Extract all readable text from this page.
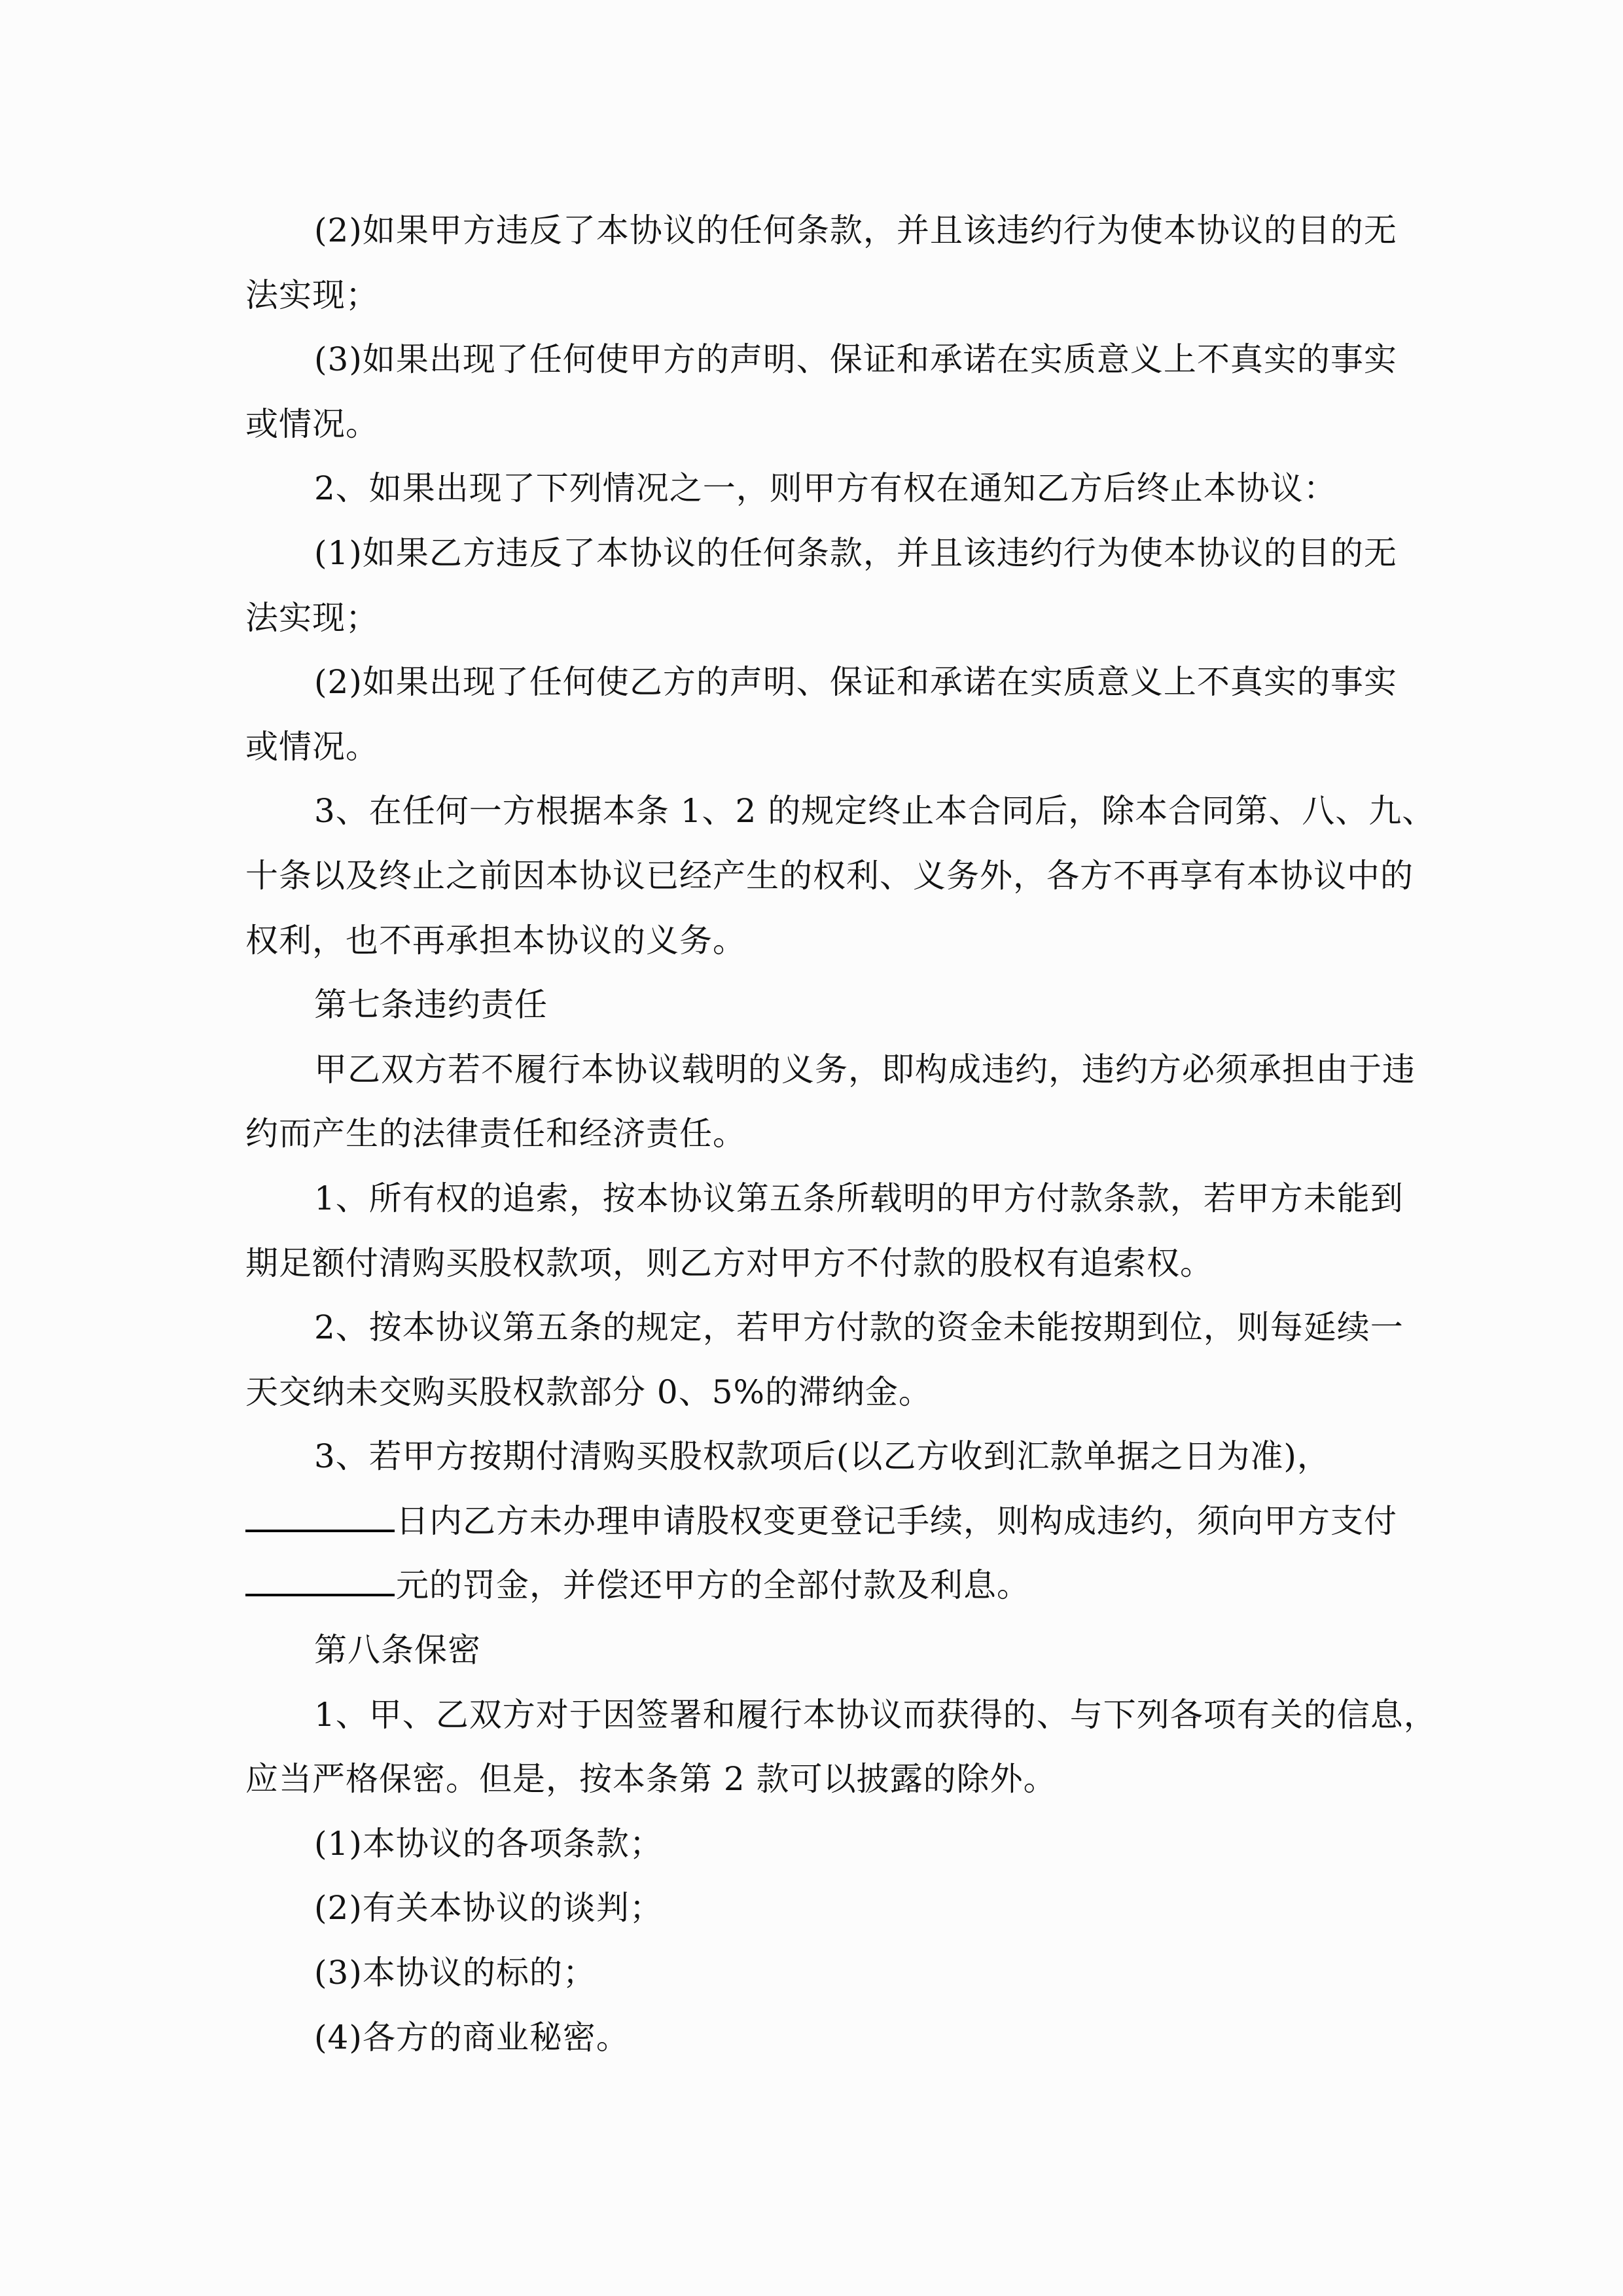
(2)如果甲方违反了本协议的任何条款，并且该违约行为使本协议的目的无
法实现；
(3)如果出现了任何使甲方的声明、保证和承诺在实质意义上不真实的事实
或情况。
2、如果出现了下列情况之一，则甲方有权在通知乙方后终止本协议：
(1)如果乙方违反了本协议的任何条款，并且该违约行为使本协议的目的无
法实现；
(2)如果出现了任何使乙方的声明、保证和承诺在实质意义上不真实的事实
或情况。
3、在任何一方根据本条 1、2 的规定终止本合同后，除本合同第、八、九、
十条以及终止之前因本协议已经产生的权利、义务外，各方不再享有本协议中的
权利，也不再承担本协议的义务。
第七条违约责任
甲乙双方若不履行本协议载明的义务，即构成违约，违约方必须承担由于违
约而产生的法律责任和经济责任。
1、所有权的追索，按本协议第五条所载明的甲方付款条款，若甲方未能到
期足额付清购买股权款项，则乙方对甲方不付款的股权有追索权。
2、按本协议第五条的规定，若甲方付款的资金未能按期到位，则每延续一
天交纳未交购买股权款部分 0、5%的滞纳金。
3、若甲方按期付清购买股权款项后(以乙方收到汇款单据之日为准)，
日内乙方未办理申请股权变更登记手续，则构成违约，须向甲方支付
元的罚金，并偿还甲方的全部付款及利息。
第八条保密
1、甲、乙双方对于因签署和履行本协议而获得的、与下列各项有关的信息，
应当严格保密。但是，按本条第 2 款可以披露的除外。
(1)本协议的各项条款；
(2)有关本协议的谈判；
(3)本协议的标的；
(4)各方的商业秘密。
